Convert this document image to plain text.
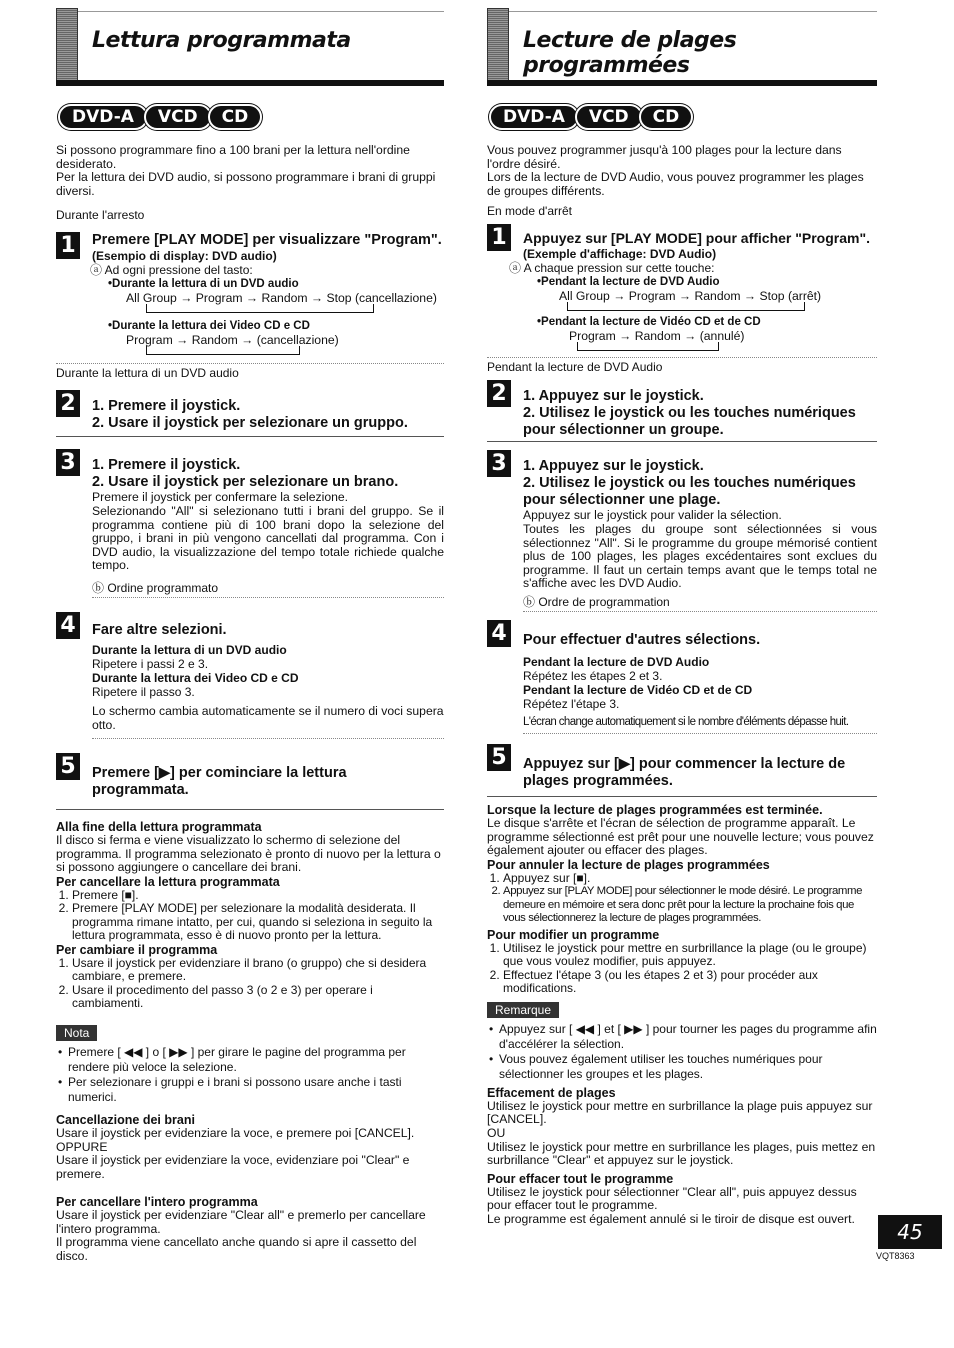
Lettura programmata
DVD-A	VCD	CD

Si possono programmare fino a 100 brani per la lettura nell'ordine desiderato.

Per la lettura dei DVD audio, si possono programmare i brani di gruppi diversi.

Durante l'arresto

1 Premere [PLAY MODE] per visualizzare "Program".

(Esempio di display: DVD audio)

ⓐ Ad ogni pressione del tasto:

•Durante la lettura di un DVD audio

All Group → Program → Random → Stop (cancellazione)

•Durante la lettura dei Video CD e CD

Program → Random → (cancellazione)

Durante la lettura di un DVD audio

2 1. Premere il joystick.

2. Usare il joystick per selezionare un gruppo.

3 1. Premere il joystick.

2. Usare il joystick per selezionare un brano.

Premere il joystick per confermare la selezione.

Selezionando "All" si selezionano tutti i brani del gruppo. Se il programma contiene più di 100 brani dopo la selezione del gruppo, i brani in più vengono cancellati dal programma. Con i DVD audio, la visualizzazione del tempo totale richiede qualche tempo.

ⓑ Ordine programmato

4 Fare altre selezioni.

Durante la lettura di un DVD audio

Ripetere i passi 2 e 3.

Durante la lettura dei Video CD e CD

Ripetere il passo 3.

Lo schermo cambia automaticamente se il numero di voci supera otto.

5 Premere [▶] per cominciare la lettura programmata.

Alla fine della lettura programmata

Il disco si ferma e viene visualizzato lo schermo di selezione del programma. Il programma selezionato è pronto di nuovo per la lettura o si possono aggiungere o cancellare dei brani.

Per cancellare la lettura programmata

1. Premere [■].
2. Premere [PLAY MODE] per selezionare la modalità desiderata. Il programma rimane intatto, per cui, quando si seleziona in seguito la lettura programmata, esso è di nuovo pronto per la lettura.

Per cambiare il programma

1. Usare il joystick per evidenziare il brano (o gruppo) che si desidera cambiare, e premere.
2. Usare il procedimento del passo 3 (o 2 e 3) per operare i cambiamenti.
Nota
• Premere [ ◀◀ ] o [ ▶▶ ] per girare le pagine del programma per rendere più veloce la selezione.
• Per selezionare i gruppi e i brani si possono usare anche i tasti numerici.

Cancellazione dei brani

Usare il joystick per evidenziare la voce, e premere poi [CANCEL].

OPPURE

Usare il joystick per evidenziare la voce, evidenziare poi "Clear" e premere.

Per cancellare l'intero programma

Usare il joystick per evidenziare "Clear all" e premerlo per cancellare l'intero programma.

Il programma viene cancellato anche quando si apre il cassetto del disco.

Lecture de plages programmées
DVD-A	VCD	CD

Vous pouvez programmer jusqu'à 100 plages pour la lecture dans l'ordre désiré.

Lors de la lecture de DVD Audio, vous pouvez programmer les plages de groupes différents.

En mode d'arrêt

1	Appuyez sur [PLAY MODE] pour afficher "Program".

(Exemple d'affichage: DVD Audio)

ⓐ A chaque pression sur cette touche:

•Pendant la lecture de DVD Audio

All Group → Program → Random → Stop (arrêt)

•Pendant la lecture de Vidéo CD et de CD

Program → Random → (annulé)

Pendant la lecture de DVD Audio

2 1. Appuyez sur le joystick.

2. Utilisez le joystick ou les touches numériques pour sélectionner un groupe.

3 1. Appuyez sur le joystick.

2. Utilisez le joystick ou les touches numériques pour sélectionner une plage.

Appuyez sur le joystick pour valider la sélection.

Toutes les plages du groupe sont sélectionnées si vous sélectionnez "All". Si le programme du groupe mémorisé contient plus de 100 plages, les plages excédentaires sont exclues du programme. Il faut un certain temps avant que le temps total ne s'affiche avec les DVD Audio.

ⓑ Ordre de programmation

4 Pour effectuer d'autres sélections.

Pendant la lecture de DVD Audio

Répétez les étapes 2 et 3.

Pendant la lecture de Vidéo CD et de CD

Répétez l'étape 3.

L'écran change automatiquement si le nombre d'éléments dépasse huit.

5 Appuyez sur [▶] pour commencer la lecture de plages programmées.

Lorsque la lecture de plages programmées est terminée.

Le disque s'arrête et l'écran de sélection de programme apparaît. Le programme sélectionné est prêt pour une nouvelle lecture; vous pouvez également ajouter ou effacer des plages.

Pour annuler la lecture de plages programmées

1. Appuyez sur [■].
2. Appuyez sur [PLAY MODE] pour sélectionner le mode désiré. Le programme demeure en mémoire et sera donc prêt pour la lecture la prochaine fois que vous sélectionnerez la lecture de plages programmées.

Pour modifier un programme

1. Utilisez le joystick pour mettre en surbrillance la plage (ou le groupe) que vous voulez modifier, puis appuyez.
2. Effectuez l'étape 3 (ou les étapes 2 et 3) pour procéder aux modifications.
Remarque
• Appuyez sur [ ◀◀ ] et [ ▶▶ ] pour tourner les pages du programme afin d'accélérer la sélection.
• Vous pouvez également utiliser les touches numériques pour sélectionner les groupes et les plages.

Effacement de plages

Utilisez le joystick pour mettre en surbrillance la plage puis appuyez sur [CANCEL].

OU

Utilisez le joystick pour mettre en surbrillance les plages, puis mettez en surbrillance "Clear" et appuyez sur le joystick.

Pour effacer tout le programme

Utilisez le joystick pour sélectionner "Clear all", puis appuyez dessus pour effacer tout le programme.

Le programme est également annulé si le tiroir de disque est ouvert.

45
VQT8363
